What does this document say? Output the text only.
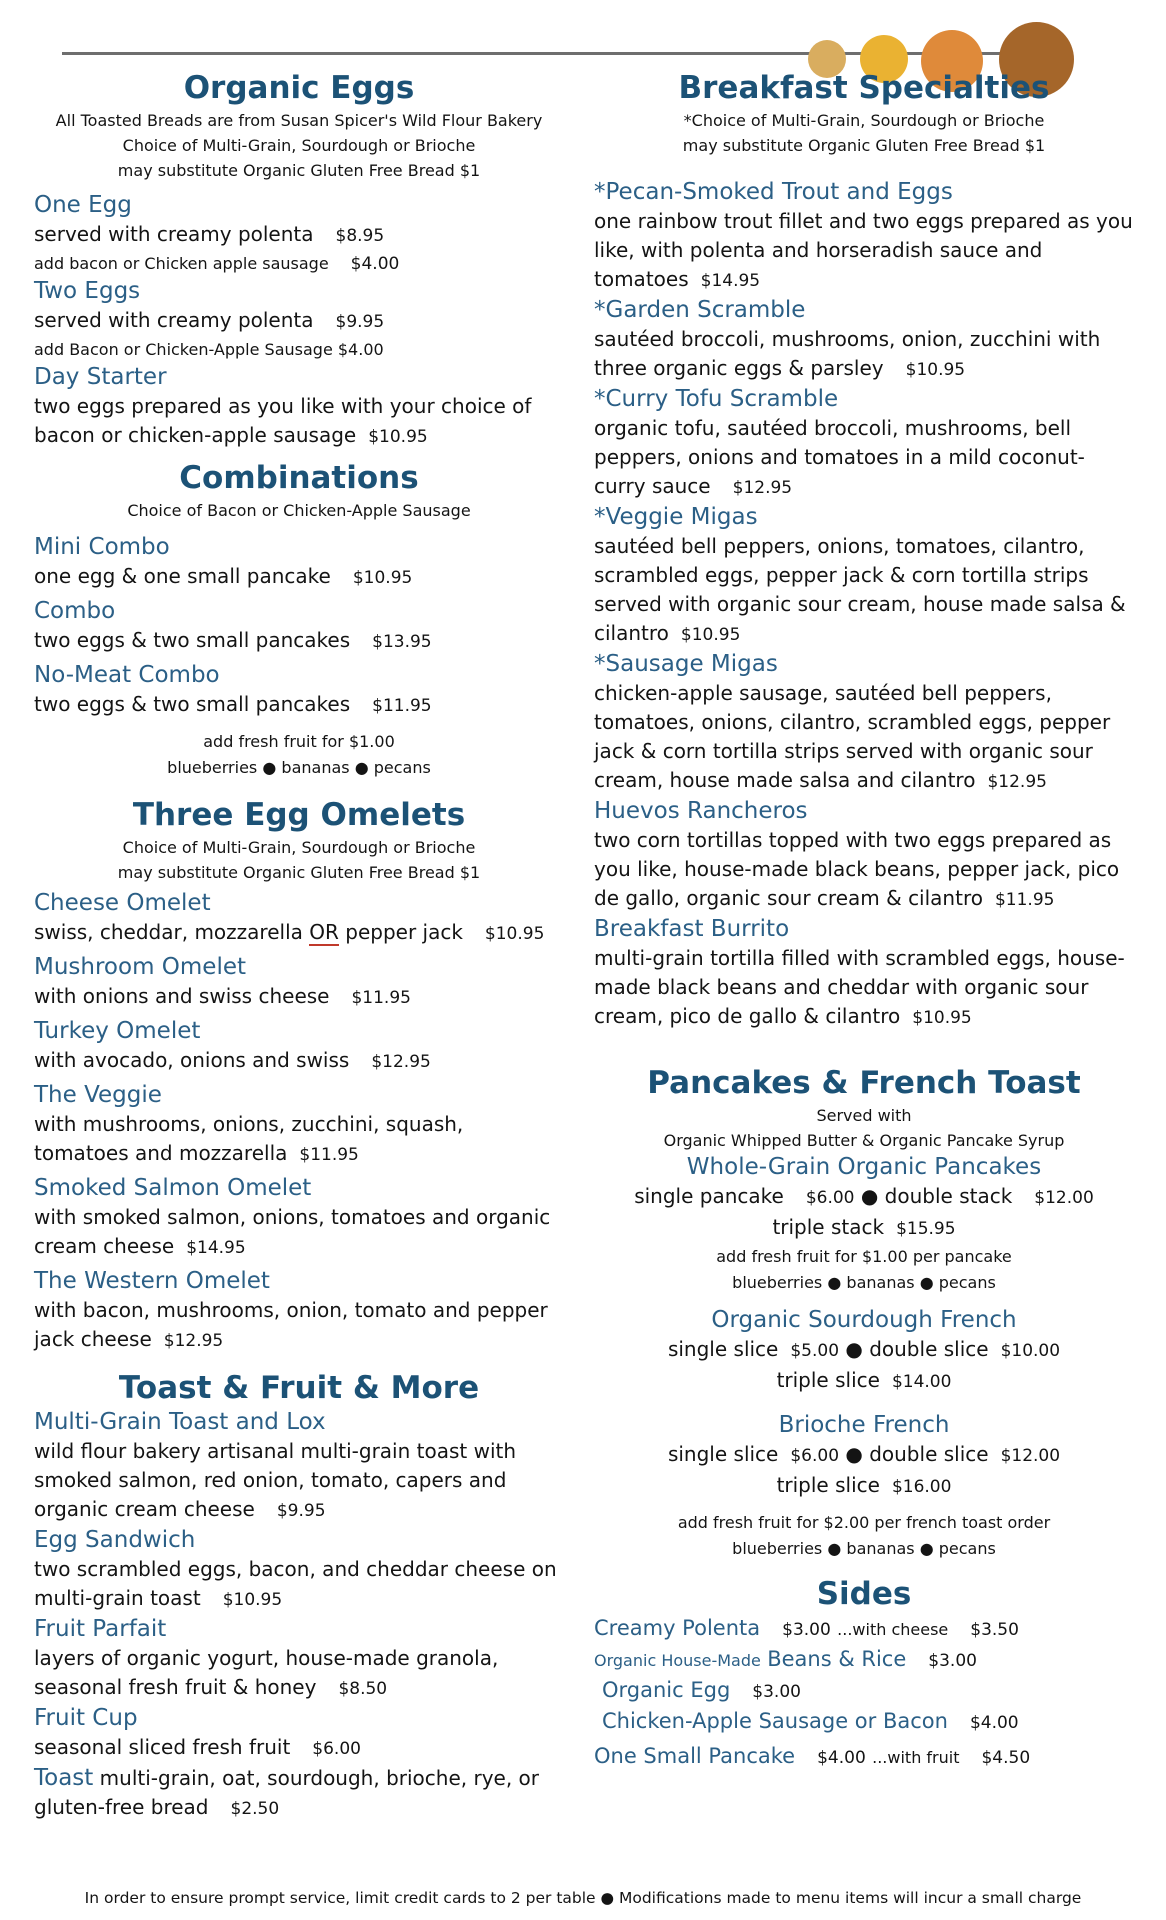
Organic Eggs

All Toasted Breads are from Susan Spicer's Wild Flour Bakery

Choice of Multi-Grain, Sourdough or Brioche

may substitute Organic Gluten Free Bread $1

One Egg

served with creamy polenta $8.95

add bacon or Chicken apple sausage $4.00

Two Eggs

served with creamy polenta $9.95

add Bacon or Chicken-Apple Sausage $4.00

Day Starter

two eggs prepared as you like with your choice of bacon or chicken-apple sausage $10.95

Combinations

Choice of Bacon or Chicken-Apple Sausage

Mini Combo

one egg & one small pancake $10.95

Combo

two eggs & two small pancakes $13.95

No-Meat Combo

two eggs & two small pancakes $11.95

add fresh fruit for $1.00

blueberries ● bananas ● pecans

Three Egg Omelets

Choice of Multi-Grain, Sourdough or Brioche

may substitute Organic Gluten Free Bread $1

Cheese Omelet

swiss, cheddar, mozzarella OR pepper jack $10.95

Mushroom Omelet

with onions and swiss cheese $11.95

Turkey Omelet

with avocado, onions and swiss $12.95

The Veggie

with mushrooms, onions, zucchini, squash, tomatoes and mozzarella $11.95

Smoked Salmon Omelet

with smoked salmon, onions, tomatoes and organic cream cheese $14.95

The Western Omelet

with bacon, mushrooms, onion, tomato and pepper jack cheese $12.95

Toast & Fruit & More

Multi-Grain Toast and Lox

wild flour bakery artisanal multi-grain toast with smoked salmon, red onion, tomato, capers and organic cream cheese $9.95

Egg Sandwich

two scrambled eggs, bacon, and cheddar cheese on multi-grain toast $10.95

Fruit Parfait

layers of organic yogurt, house-made granola, seasonal fresh fruit & honey $8.50

Fruit Cup

seasonal sliced fresh fruit $6.00

Toast multi-grain, oat, sourdough, brioche, rye, or gluten-free bread $2.50

Breakfast Specialties

*Choice of Multi-Grain, Sourdough or Brioche

may substitute Organic Gluten Free Bread $1

*Pecan-Smoked Trout and Eggs

one rainbow trout fillet and two eggs prepared as you like, with polenta and horseradish sauce and tomatoes $14.95

*Garden Scramble

sautéed broccoli, mushrooms, onion, zucchini with three organic eggs & parsley $10.95

*Curry Tofu Scramble

organic tofu, sautéed broccoli, mushrooms, bell peppers, onions and tomatoes in a mild coconut-curry sauce $12.95

*Veggie Migas

sautéed bell peppers, onions, tomatoes, cilantro, scrambled eggs, pepper jack & corn tortilla strips served with organic sour cream, house made salsa & cilantro $10.95

*Sausage Migas

chicken-apple sausage, sautéed bell peppers, tomatoes, onions, cilantro, scrambled eggs, pepper jack & corn tortilla strips served with organic sour cream, house made salsa and cilantro $12.95

Huevos Rancheros

two corn tortillas topped with two eggs prepared as you like, house-made black beans, pepper jack, pico de gallo, organic sour cream & cilantro $11.95

Breakfast Burrito

multi-grain tortilla filled with scrambled eggs, house-made black beans and cheddar with organic sour cream, pico de gallo & cilantro $10.95

Pancakes & French Toast

Served with

Organic Whipped Butter & Organic Pancake Syrup

Whole-Grain Organic Pancakes

single pancake $6.00 ● double stack $12.00

triple stack $15.95

add fresh fruit for $1.00 per pancake

blueberries ● bananas ● pecans

Organic Sourdough French

single slice $5.00 ● double slice $10.00

triple slice $14.00

Brioche French

single slice $6.00 ● double slice $12.00

triple slice $16.00

add fresh fruit for $2.00 per french toast order

blueberries ● bananas ● pecans

Sides

Creamy Polenta $3.00 ...with cheese $3.50

Organic House-Made Beans & Rice $3.00

Organic Egg $3.00

Chicken-Apple Sausage or Bacon $4.00

One Small Pancake $4.00 ...with fruit $4.50

In order to ensure prompt service, limit credit cards to 2 per table ● Modifications made to menu items will incur a small charge
